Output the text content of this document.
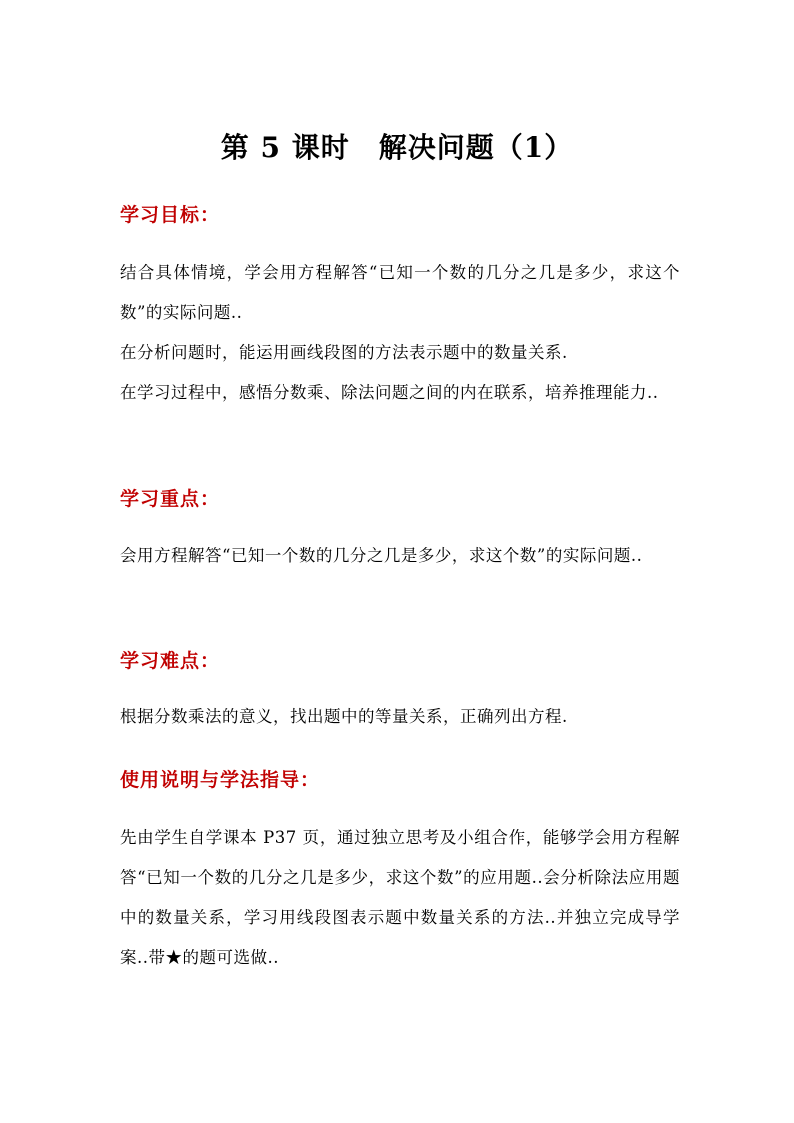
第 5 课时　解决问题（1）
学习目标：
结合具体情境，学会用方程解答“已知一个数的几分之几是多少，求这个数”的实际问题..
在分析问题时，能运用画线段图的方法表示题中的数量关系.
在学习过程中，感悟分数乘、除法问题之间的内在联系，培养推理能力..
学习重点：
会用方程解答“已知一个数的几分之几是多少，求这个数”的实际问题..
学习难点：
根据分数乘法的意义，找出题中的等量关系，正确列出方程.
使用说明与学法指导：
先由学生自学课本 P37 页，通过独立思考及小组合作，能够学会用方程解答“已知一个数的几分之几是多少，求这个数”的应用题..会分析除法应用题中的数量关系，学习用线段图表示题中数量关系的方法..并独立完成导学案..带★的题可选做..
